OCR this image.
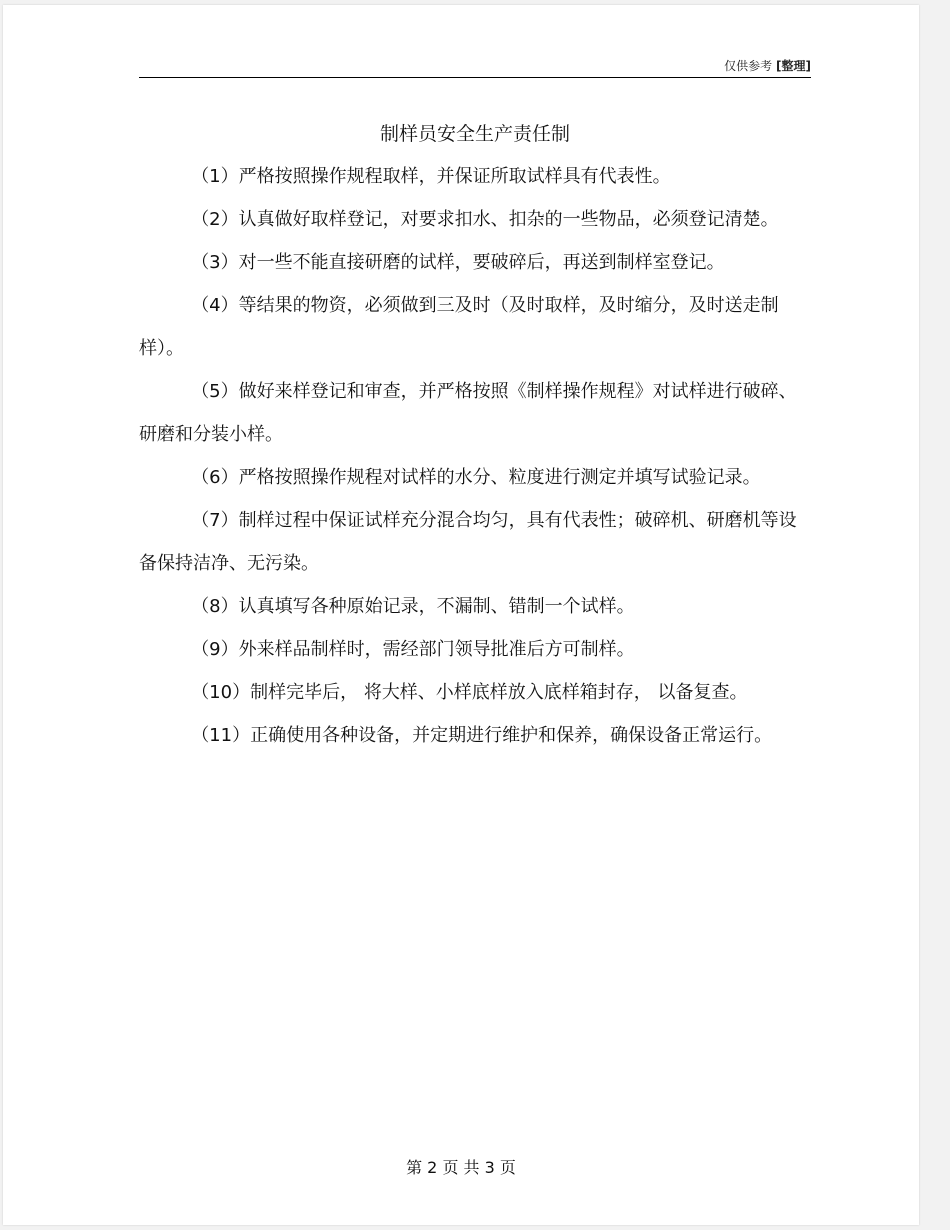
仅供参考 [整理]
制样员安全生产责任制

（1）严格按照操作规程取样，并保证所取试样具有代表性。

（2）认真做好取样登记，对要求扣水、扣杂的一些物品，必须登记清楚。

（3）对一些不能直接研磨的试样，要破碎后，再送到制样室登记。

（4）等结果的物资，必须做到三及时（及时取样，及时缩分，及时送走制样）。

（5）做好来样登记和审查，并严格按照《制样操作规程》对试样进行破碎、研磨和分装小样。

（6）严格按照操作规程对试样的水分、粒度进行测定并填写试验记录。

（7）制样过程中保证试样充分混合均匀，具有代表性；破碎机、研磨机等设备保持洁净、无污染。

（8）认真填写各种原始记录，不漏制、错制一个试样。

（9）外来样品制样时，需经部门领导批准后方可制样。

（10）制样完毕后， 将大样、小样底样放入底样箱封存， 以备复查。

（11）正确使用各种设备，并定期进行维护和保养，确保设备正常运行。

第 2 页 共 3 页
